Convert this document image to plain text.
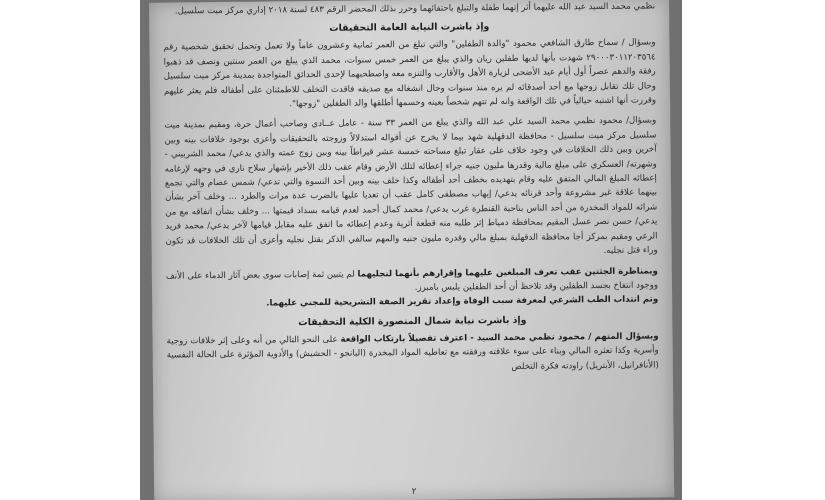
نظمي محمد السيد عبد الله عليهما أثر إتهما طفلة والتبلغ باحتفائهما وحرر بذلك المحضر الرقم ٤٨٣ لسنة ٢٠١٨ إداري مركز ميت سلسيل.

وإذ باشرت النيابة العامة التحقيقات

وبسؤال / سماح طارق الشافعي محمود "والدة الطفلين" والتي تبلغ من العمر ثمانية وعشرون عاماً ولا تعمل وتحمل تحقيق شخصية رقم ٢٩٠٠٠٣٠١١٢٠٣٥٦٤ شهدت بأنها لديها طفلين ريان والذي يبلغ من العمر خمس سنوات، محمد الذي يبلغ من العمر سنتين ونصف قد ذهبوا رفقة والدهم عصراً أول أيام عيد الأضحى لزيارة الأهل والأقارب والتنزه معه واصطحبهما لإحدى الحدائق المتواجدة بمدينة مركز ميت سلسيل وحال تلك تقابل زوجها مع أحد أصدقائه لم يره منذ سنوات وحال انشغاله مع صديقه فاقدت التخلف للاطمئنان على أطفاله فلم يعثر عليهم وقررت أنها اشتبه حيالياً في تلك الواقعة وانه لم تتهم شخصاً بعينه وحسمها أطلقها والد الطفلين "زوجها".

وبسؤال/ محمود نظمي محمد السيد علي عبد الله والذي يبلغ من العمر ٣٣ سنة - عامل عــادي وصاحب أعمال حرة، ومقيم بمدينة ميت سلسيل مركز ميت سلسيل - محافظة الدقهلية شهد بيما لا يخرج عن أقواله استدلالاً وزوجته بالتحقيقات وأعزى بوجود خلافات بينه وبين آخرين وبين ذلك الخلافات في وجود خلاف على عقار تبلغ مساحته خمسة عشر قيراطاً بينه وبين زوج عمته والذي يدعي/ محمد الشربيني - وشهرته/ العسكري على مبلغ مالية وقدرها مليون جنيه جراء إعطائه لتلك الأرض وقام عقب ذلك الأخير بإشهار سلاح ناري في وجهه لإرغامه إعطائه المبلغ المالي المتفق عليه وقام بتهديده بخطف أحد أطفاله وكذا خلف بينه وبين أحد النسوة والتي تدعي/ شمس عصام والتي تجمع بينهما علاقة غير مشروعة وأحد قرنائه يدعي/ إيهاب مصطفى كامل عقب أن تعديا عليها بالضرب عدة مرات والطرد ... وخلف آخر بشأن شرائه للمواد المخدرة من أحد الناس بناحية القنطرة غرب يدعي/ محمد كمال أحمد لعدم قيامه بسداد قيمتها ... وخلف بشأن اتفاقه مع من يدعي/ حسن نصر عسل المقيم بمحافظة دمياط إثر طلبه منه قطعة أثرية وعدم إعطائه ما اتفق عليه مقابل قيامها لآخر يدعي/ محمد فريد الرعي ومقيم بمركز أجا محافظة الدقهلية بمبلغ مالي وقدره مليون جنيه والمهم سالفي الذكر بقتل نجليه وأعزى أن تلك الخلافات قد تكون وراء قتل نجليه.

وبمناظرة الجثتين عقب تعرف المبلغين عليهما وإقرارهم بأنهما لنجليهما لم يتبين ثمة إصابات سوى بعض آثار الدماء على الأنف ووجود انتفاخ بجسد الطفلين وقد تلاحظ أن أحد الطفلين يلبس بامبرز.

وتم انتداب الطب الشرعي لمعرفة سبب الوفاة وإعداد تقرير الصفة التشريحية للمجني عليهما.

وإذ باشرت نيابة شمال المنصورة الكلية التحقيقات

وبسؤال المتهم / محمود نظمي محمد السيد - اعترف تفصيلاً بارتكاب الواقعة على النحو التالي من أنه وعلى إثر خلافات زوجية وأسرية وكذا تعثره المالي وبناء على سوء علاقته ورفقته مع تعاطيه المواد المخدرة (البانجو - الحشيش) والأدوية المؤثرة على الحالة النفسية (الأنافرانيل، الأبتريل) راودته فكرة التخلص

٢
